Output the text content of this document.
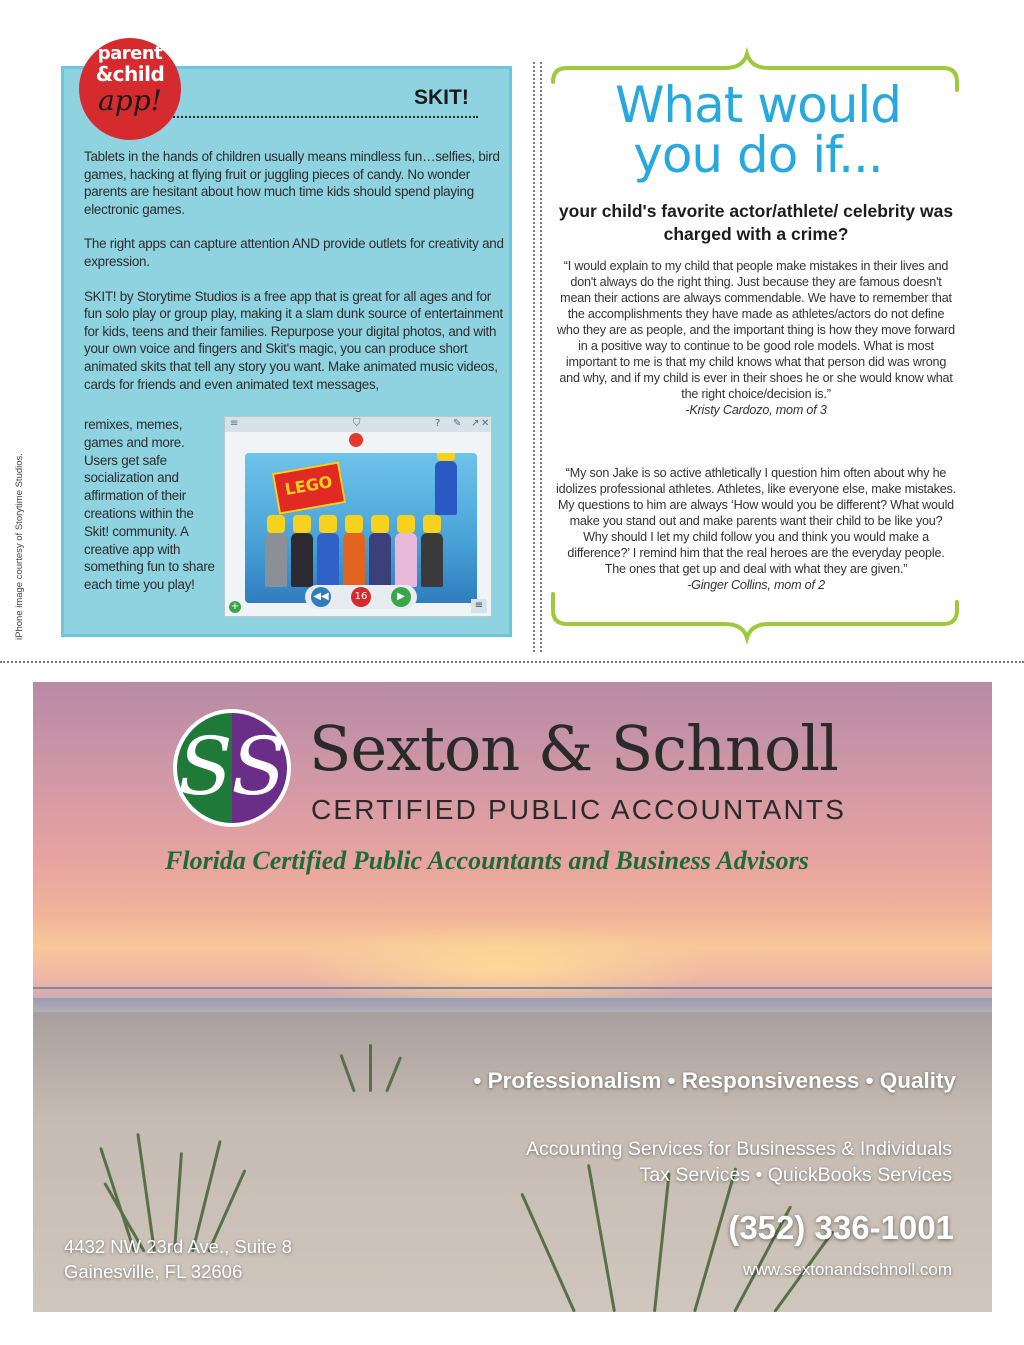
iPhone image courtesy of Storytime Studios.
parent
&child
app!	SKIT!

Tablets in the hands of children usually means mindless fun…selfies, bird games, hacking at flying fruit or juggling pieces of candy. No wonder parents are hesitant about how much time kids should spend playing electronic games.

The right apps can capture attention AND provide outlets for creativity and expression.

SKIT! by Storytime Studios is a free app that is great for all ages and for fun solo play or group play, making it a slam dunk source of entertainment for kids, teens and their families. Repurpose your digital photos, and with your own voice and fingers and Skit's magic, you can produce short animated skits that tell any story you want. Make animated music videos, cards for friends and even animated text messages,

remixes, memes, games and more. Users get safe socialization and affirmation of their creations within the Skit! community. A creative app with something fun to share each time you play!
≡	⛉	? ✎ ↗ ✕
LEGO
◀◀	16	▶
+	≡
What would
you do if...
your child's favorite actor/athlete/ celebrity was charged with a crime?
“I would explain to my child that people make mistakes in their lives and don't always do the right thing. Just because they are famous doesn't mean their actions are always commendable. We have to remember that the accomplishments they have made as athletes/actors do not define who they are as people, and the important thing is how they move forward in a positive way to continue to be good role models. What is most important to me is that my child knows what that person did was wrong and why, and if my child is ever in their shoes he or she would know what the right choice/decision is.”
-Kristy Cardozo, mom of 3
“My son Jake is so active athletically I question him often about why he idolizes professional athletes. Athletes, like everyone else, make mistakes. My questions to him are always ‘How would you be different? What would make you stand out and make parents want their child to be like you? Why should I let my child follow you and think you would make a difference?’ I remind him that the real heroes are the everyday people. The ones that get up and deal with what they are given.”
-Ginger Collins, mom of 2
SS Sexton & Schnoll
CERTIFIED PUBLIC ACCOUNTANTS
Florida Certified Public Accountants and Business Advisors
• Professionalism • Responsiveness • Quality
Accounting Services for Businesses & Individuals
Tax Services • QuickBooks Services
(352) 336-1001
www.sextonandschnoll.com
4432 NW 23rd Ave., Suite 8
Gainesville, FL 32606
